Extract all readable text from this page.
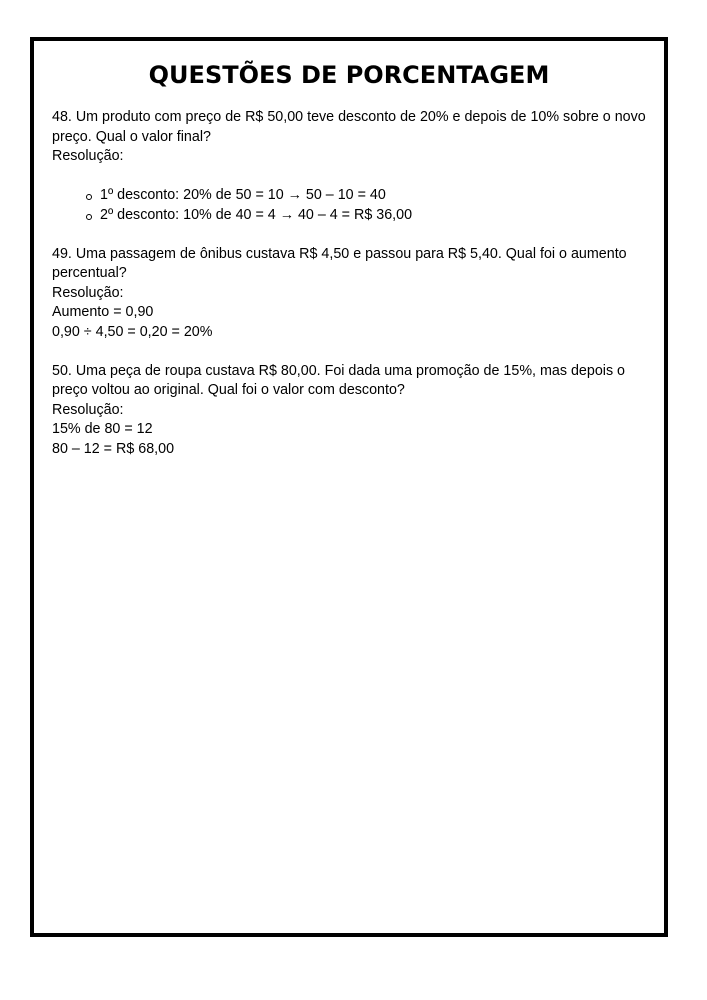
QUESTÕES DE PORCENTAGEM
48. Um produto com preço de R$ 50,00 teve desconto de 20% e depois de 10% sobre o novo
preço. Qual o valor final?
Resolução:
1º desconto: 20% de 50 = 10 → 50 – 10 = 40
2º desconto: 10% de 40 = 4 → 40 – 4 = R$ 36,00
49. Uma passagem de ônibus custava R$ 4,50 e passou para R$ 5,40. Qual foi o aumento
percentual?
Resolução:
Aumento = 0,90
0,90 ÷ 4,50 = 0,20 = 20%
50. Uma peça de roupa custava R$ 80,00. Foi dada uma promoção de 15%, mas depois o
preço voltou ao original. Qual foi o valor com desconto?
Resolução:
15% de 80 = 12
80 – 12 = R$ 68,00
